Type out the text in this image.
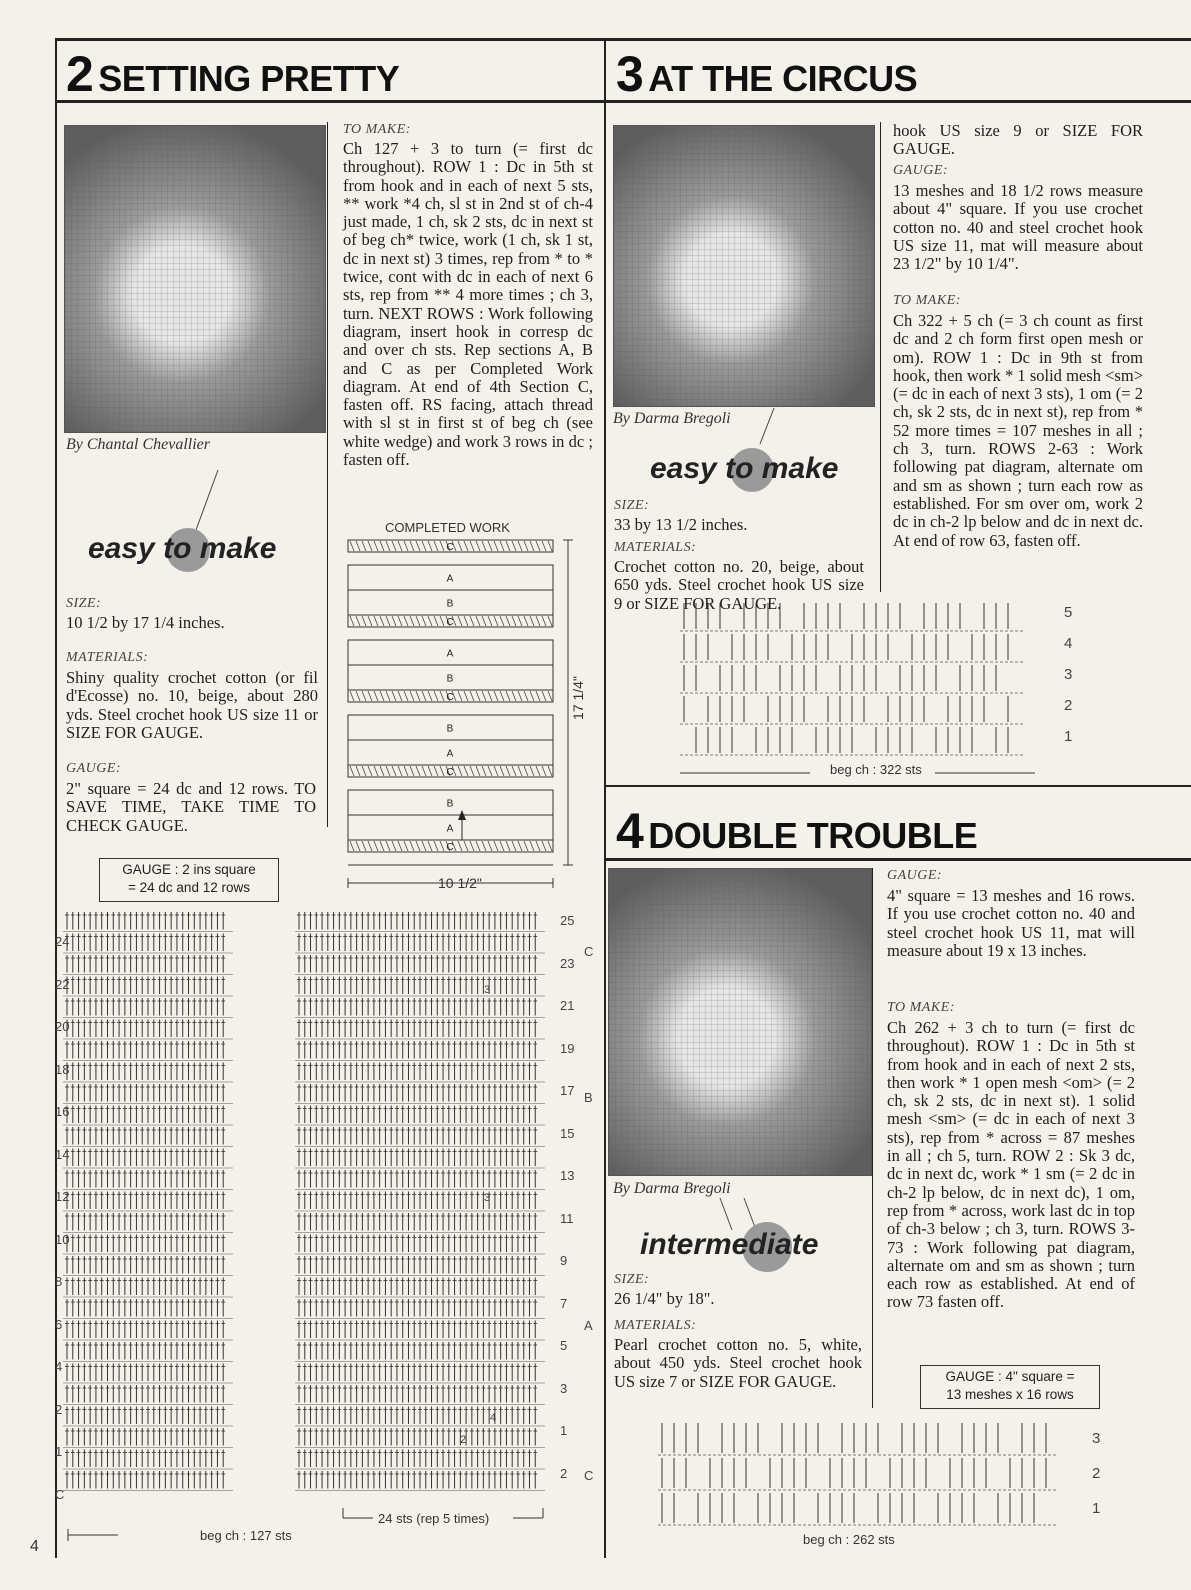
2 SETTING PRETTY
By Chantal Chevallier
easy to make
SIZE:
10 1/2 by 17 1/4 inches.
MATERIALS:
Shiny quality crochet cotton (or fil d'Ecosse) no. 10, beige, about 280 yds. Steel crochet hook US size 11 or SIZE FOR GAUGE.
GAUGE:
2" square = 24 dc and 12 rows. TO SAVE TIME, TAKE TIME TO CHECK GAUGE.
TO MAKE:
Ch 127 + 3 to turn (= first dc throughout). ROW 1 : Dc in 5th st from hook and in each of next 5 sts, ** work *4 ch, sl st in 2nd st of ch-4 just made, 1 ch, sk 2 sts, dc in next st of beg ch* twice, work (1 ch, sk 1 st, dc in next st) 3 times, rep from * to * twice, cont with dc in each of next 6 sts, rep from ** 4 more times ; ch 3, turn. NEXT ROWS : Work following diagram, insert hook in corresp dc and over ch sts. Rep sections A, B and C as per Completed Work diagram. At end of 4th Section C, fasten off. RS facing, attach thread with sl st in first st of beg ch (see white wedge) and work 3 rows in dc ; fasten off.
COMPLETED WORK
C
A
B
C
A
B
C
B
A
C
B
A
C
17 1/4"
10 1/2"
GAUGE : 2 ins square
= 24 dc and 12 rows
24
22
20
18
16
14
12
10
8
6
4
2
1
C
25
23
21
19
17
15
13
11
9
7
5
3
1
2
C
B
A
C
3
3
2
4
beg ch : 127 sts
24 sts (rep 5 times)
3 AT THE CIRCUS
By Darma Bregoli
easy to make
SIZE:
33 by 13 1/2 inches.
MATERIALS:
Crochet cotton no. 20, beige, about 650 yds. Steel crochet hook US size 9 or SIZE FOR GAUGE.
hook US size 9 or SIZE FOR GAUGE.
GAUGE:
13 meshes and 18 1/2 rows measure about 4" square. If you use crochet cotton no. 40 and steel crochet hook US size 11, mat will measure about 23 1/2" by 10 1/4".
TO MAKE:
Ch 322 + 5 ch (= 3 ch count as first dc and 2 ch form first open mesh or om). ROW 1 : Dc in 9th st from hook, then work * 1 solid mesh <sm> (= dc in each of next 3 sts), 1 om (= 2 ch, sk 2 sts, dc in next st), rep from * 52 more times = 107 meshes in all ; ch 3, turn. ROWS 2-63 : Work following pat diagram, alternate om and sm as shown ; turn each row as established. For sm over om, work 2 dc in ch-2 lp below and dc in next dc. At end of row 63, fasten off.
5
4
3
2
1
beg ch : 322 sts
4 DOUBLE TROUBLE
By Darma Bregoli
intermediate
SIZE:
26 1/4" by 18".
MATERIALS:
Pearl crochet cotton no. 5, white, about 450 yds. Steel crochet hook US size 7 or SIZE FOR GAUGE.
GAUGE:
4" square = 13 meshes and 16 rows. If you use crochet cotton no. 40 and steel crochet hook US 11, mat will measure about 19 x 13 inches.
TO MAKE:
Ch 262 + 3 ch to turn (= first dc throughout). ROW 1 : Dc in 5th st from hook and in each of next 2 sts, then work * 1 open mesh <om> (= 2 ch, sk 2 sts, dc in next st). 1 solid mesh <sm> (= dc in each of next 3 sts), rep from * across = 87 meshes in all ; ch 5, turn. ROW 2 : Sk 3 dc, dc in next dc, work * 1 sm (= 2 dc in ch-2 lp below, dc in next dc), 1 om, rep from * across, work last dc in top of ch-3 below ; ch 3, turn. ROWS 3-73 : Work following pat diagram, alternate om and sm as shown ; turn each row as established. At end of row 73 fasten off.
GAUGE : 4" square =
13 meshes x 16 rows
3
2
1
beg ch : 262 sts
4
